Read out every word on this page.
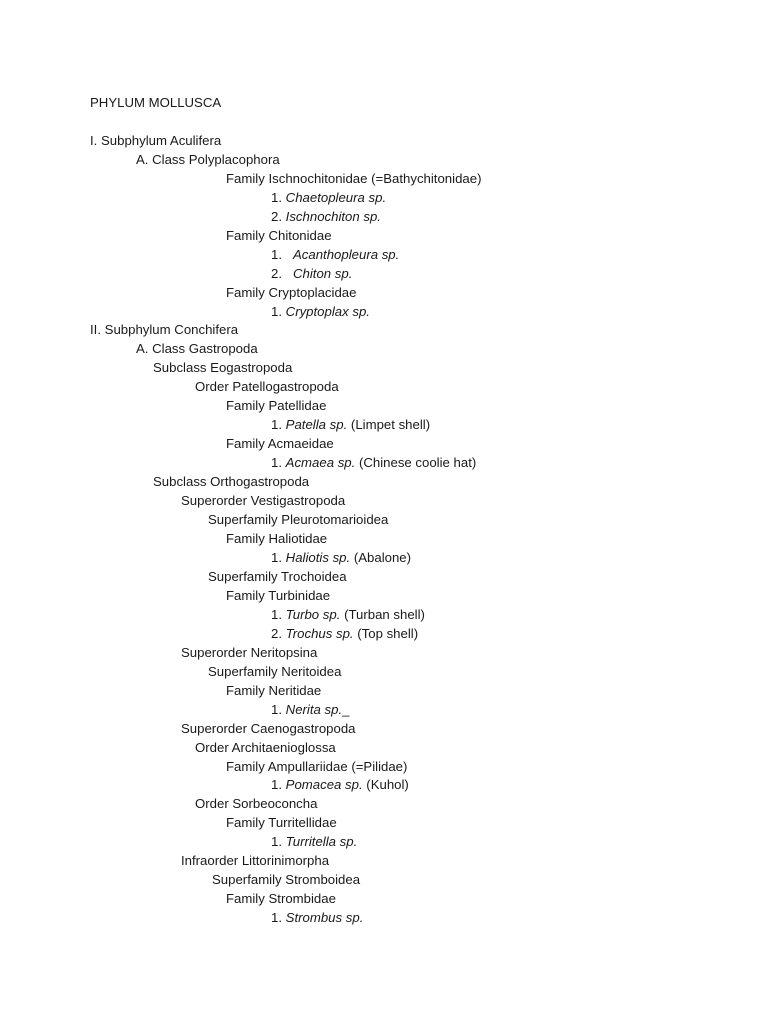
PHYLUM MOLLUSCA
I. Subphylum Aculifera
A. Class Polyplacophora
Family Ischnochitonidae (=Bathychitonidae)
1. Chaetopleura sp.
2. Ischnochiton sp.
Family Chitonidae
1.   Acanthopleura sp.
2.   Chiton sp.
Family Cryptoplacidae
1. Cryptoplax sp.
II. Subphylum Conchifera
A. Class Gastropoda
Subclass Eogastropoda
Order Patellogastropoda
Family Patellidae
1. Patella sp. (Limpet shell)
Family Acmaeidae
1. Acmaea sp. (Chinese coolie hat)
Subclass Orthogastropoda
Superorder Vestigastropoda
Superfamily Pleurotomarioidea
Family Haliotidae
1. Haliotis sp. (Abalone)
Superfamily Trochoidea
Family Turbinidae
1. Turbo sp. (Turban shell)
2. Trochus sp. (Top shell)
Superorder Neritopsina
Superfamily Neritoidea
Family Neritidae
1. Nerita sp._
Superorder Caenogastropoda
Order Architaenioglossa
Family Ampullariidae (=Pilidae)
1. Pomacea sp. (Kuhol)
Order Sorbeoconcha
Family Turritellidae
1. Turritella sp.
Infraorder Littorinimorpha
Superfamily Stromboidea
Family Strombidae
1. Strombus sp.
